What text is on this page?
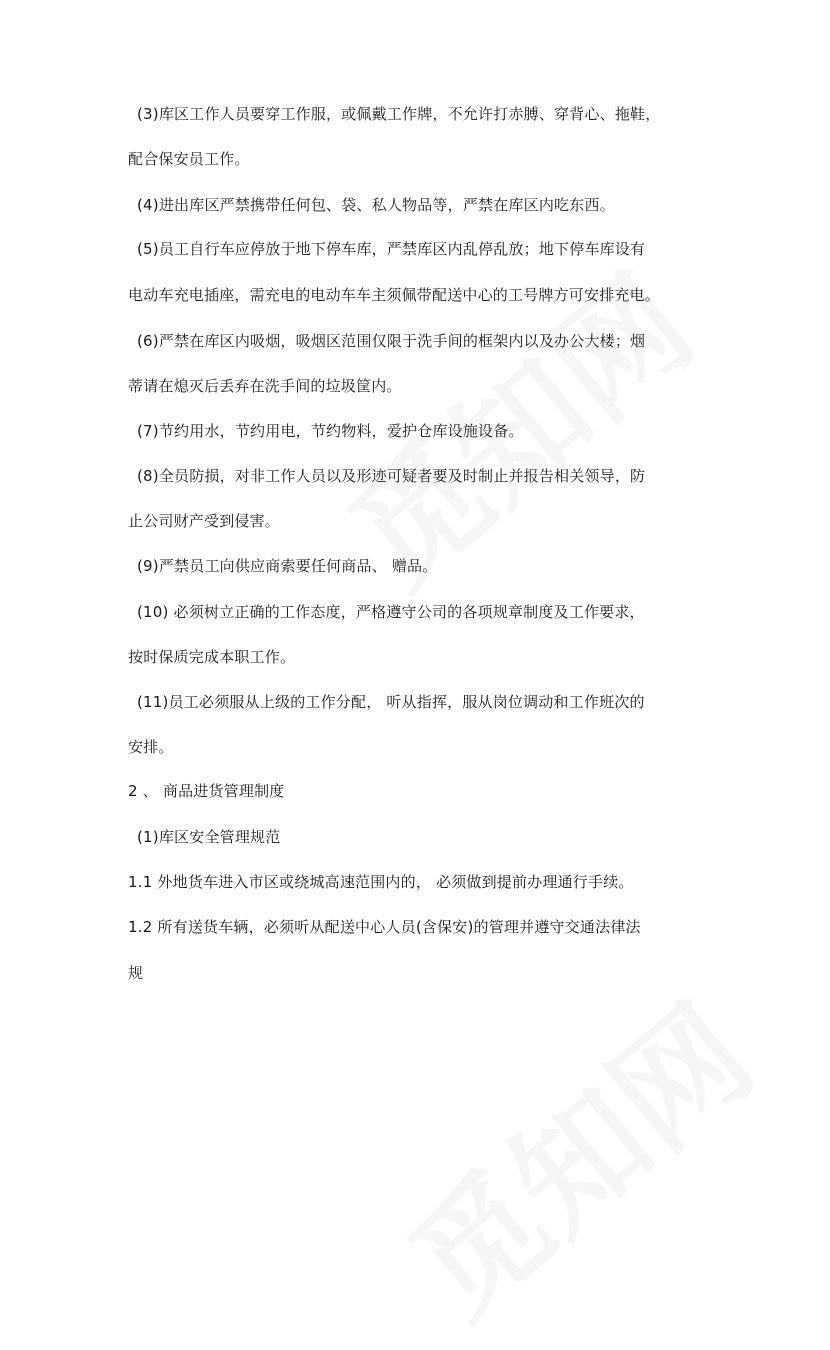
(3)库区工作人员要穿工作服，或佩戴工作牌，不允许打赤膊、穿背心、拖鞋，
配合保安员工作。
(4)进出库区严禁携带任何包、袋、私人物品等，严禁在库区内吃东西。
(5)员工自行车应停放于地下停车库，严禁库区内乱停乱放；地下停车库设有
电动车充电插座，需充电的电动车车主须佩带配送中心的工号牌方可安排充电。
(6)严禁在库区内吸烟，吸烟区范围仅限于洗手间的框架内以及办公大楼；烟
蒂请在熄灭后丢弃在洗手间的垃圾筐内。
(7)节约用水，节约用电，节约物料，爱护仓库设施设备。
(8)全员防损，对非工作人员以及形迹可疑者要及时制止并报告相关领导，防
止公司财产受到侵害。
(9)严禁员工向供应商索要任何商品、 赠品。
(10) 必须树立正确的工作态度，严格遵守公司的各项规章制度及工作要求，
按时保质完成本职工作。
(11)员工必须服从上级的工作分配， 听从指挥，服从岗位调动和工作班次的
安排。
2 、 商品进货管理制度
(1)库区安全管理规范
1.1 外地货车进入市区或绕城高速范围内的， 必须做到提前办理通行手续。
1.2 所有送货车辆，必须听从配送中心人员(含保安)的管理并遵守交通法律法
规
